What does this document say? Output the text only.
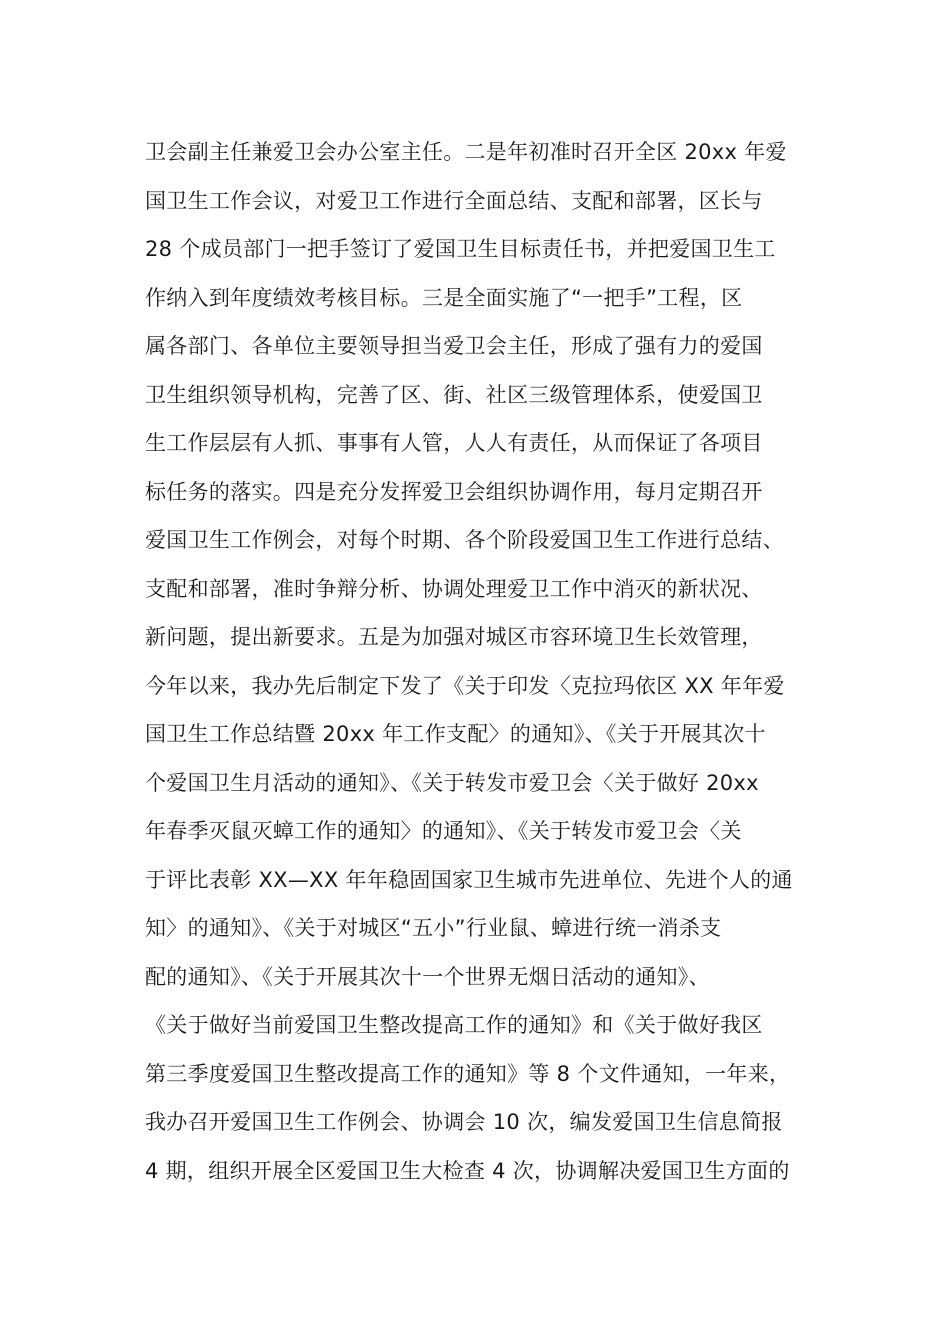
卫会副主任兼爱卫会办公室主任。二是年初准时召开全区 20xx 年爱
国卫生工作会议，对爱卫工作进行全面总结、支配和部署，区长与
28 个成员部门一把手签订了爱国卫生目标责任书，并把爱国卫生工
作纳入到年度绩效考核目标。三是全面实施了“一把手”工程，区
属各部门、各单位主要领导担当爱卫会主任，形成了强有力的爱国
卫生组织领导机构，完善了区、街、社区三级管理体系，使爱国卫
生工作层层有人抓、事事有人管，人人有责任，从而保证了各项目
标任务的落实。四是充分发挥爱卫会组织协调作用，每月定期召开
爱国卫生工作例会，对每个时期、各个阶段爱国卫生工作进行总结、
支配和部署，准时争辩分析、协调处理爱卫工作中消灭的新状况、
新问题，提出新要求。五是为加强对城区市容环境卫生长效管理，
今年以来，我办先后制定下发了《关于印发〈克拉玛依区 XX 年年爱
国卫生工作总结暨 20xx 年工作支配〉的通知》、《关于开展其次十
个爱国卫生月活动的通知》、《关于转发市爱卫会〈关于做好 20xx
年春季灭鼠灭蟑工作的通知〉的通知》、《关于转发市爱卫会〈关
于评比表彰 XX—XX 年年稳固国家卫生城市先进单位、先进个人的通
知〉的通知》、《关于对城区“五小”行业鼠、蟑进行统一消杀支
配的通知》、《关于开展其次十一个世界无烟日活动的通知》、
《关于做好当前爱国卫生整改提高工作的通知》和《关于做好我区
第三季度爱国卫生整改提高工作的通知》等 8 个文件通知，一年来，
我办召开爱国卫生工作例会、协调会 10 次，编发爱国卫生信息简报
4 期，组织开展全区爱国卫生大检查 4 次，协调解决爱国卫生方面的
